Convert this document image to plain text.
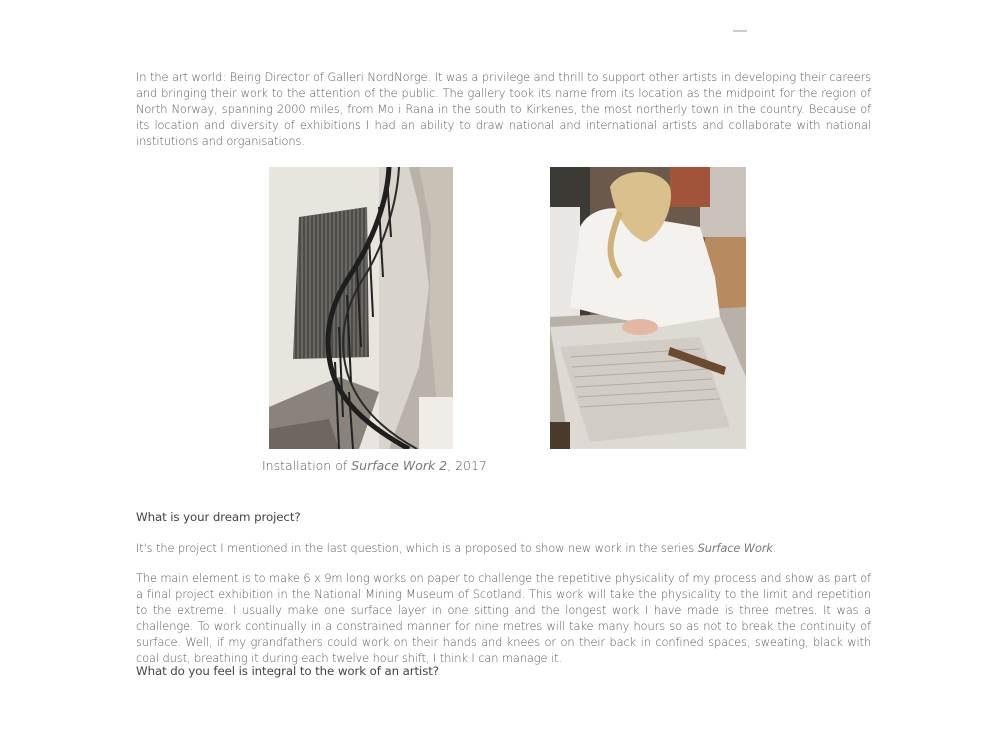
In the art world: Being Director of Galleri NordNorge. It was a privilege and thrill to support other artists in developing their careers and bringing their work to the attention of the public. The gallery took its name from its location as the midpoint for the region of North Norway, spanning 2000 miles, from Mo i Rana in the south to Kirkenes, the most northerly town in the country. Because of its location and diversity of exhibitions I had an ability to draw national and international artists and collaborate with national institutions and organisations.

Installation of Surface Work 2, 2017

What is your dream project?

It's the project I mentioned in the last question, which is a proposed to show new work in the series Surface Work.

The main element is to make 6 x 9m long works on paper to challenge the repetitive physicality of my process and show as part of a final project exhibition in the National Mining Museum of Scotland. This work will take the physicality to the limit and repetition to the extreme. I usually make one surface layer in one sitting and the longest work I have made is three metres. It was a challenge. To work continually in a constrained manner for nine metres will take many hours so as not to break the continuity of surface. Well, if my grandfathers could work on their hands and knees or on their back in confined spaces, sweating, black with coal dust, breathing it during each twelve hour shift, I think I can manage it.

What do you feel is integral to the work of an artist?
